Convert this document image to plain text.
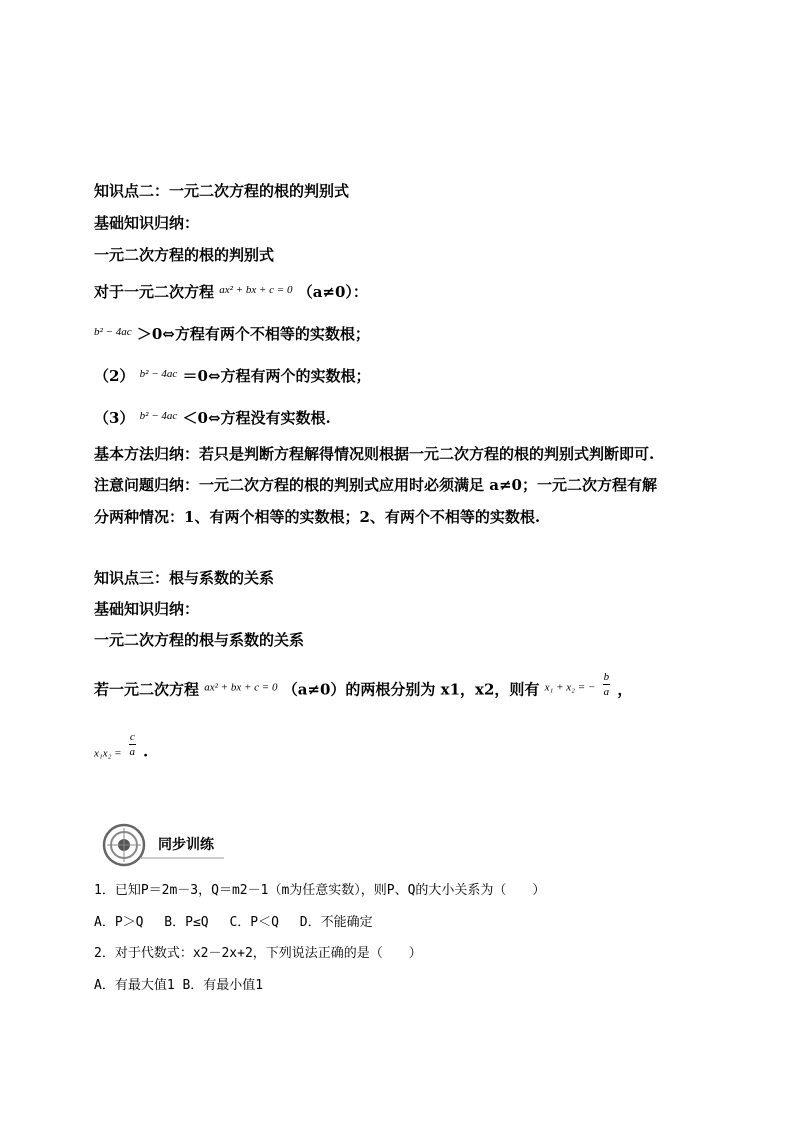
知识点二：一元二次方程的根的判别式
基础知识归纳：
一元二次方程的根的判别式
对于一元二次方程 $^{ax^2 + bx + c = 0}$ （a≠0）：
$^{b^2 - 4ac}$ ＞0⇔方程有两个不相等的实数根；
（2） $^{b^2 - 4ac}$ ＝0⇔方程有两个的实数根；
（3） $^{b^2 - 4ac}$ ＜0⇔方程没有实数根.
基本方法归纳：若只是判断方程解得情况则根据一元二次方程的根的判别式判断即可.
注意问题归纳：一元二次方程的根的判别式应用时必须满足 a≠0；一元二次方程有解
分两种情况：1、有两个相等的实数根；2、有两个不相等的实数根.
知识点三：根与系数的关系
基础知识归纳：
一元二次方程的根与系数的关系
若一元二次方程 $^{ax^2 + bx + c = 0}$ （a≠0）的两根分别为 x1，x2，则有 $^{x_1 + x_2 = -} \frac{b}{a}$ ，
$x_1x_2 = \frac{c}{a}$ .
同步训练
1．已知P＝2m－3，Q＝m2－1（m为任意实数），则P、Q的大小关系为（　　）
A．P＞Q　 B．P≤Q　 C．P＜Q　 D．不能确定
2．对于代数式：x2－2x+2，下列说法正确的是（　　）
A．有最大值1 B．有最小值1
